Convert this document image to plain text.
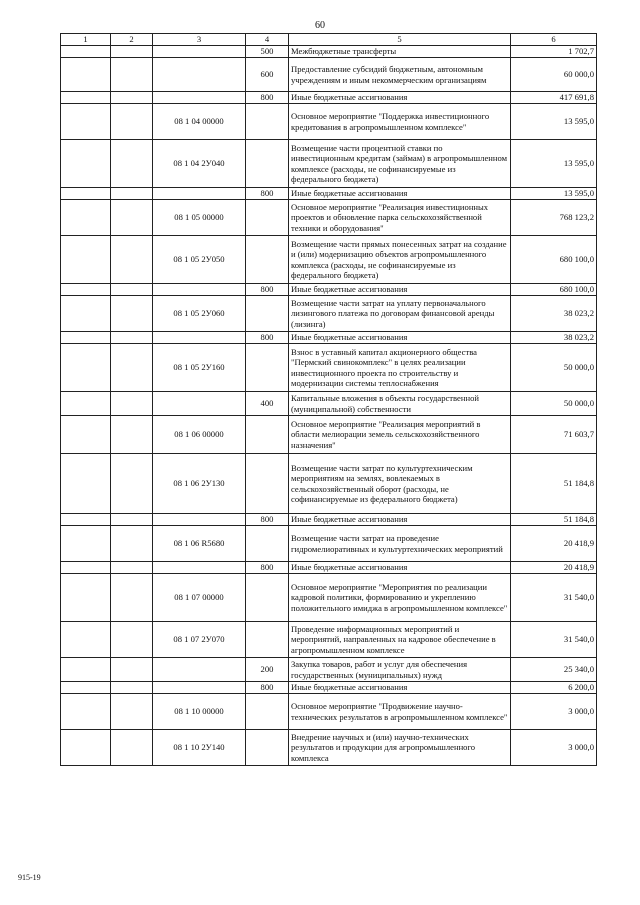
60
1	2	3	4	5	6
			500	Межбюджетные трансферты	1 702,7
			600	Предоставление субсидий бюджетным, автономным учреждениям и иным некоммерческим организациям	60 000,0
			800	Иные бюджетные ассигнования	417 691,8
		08 1 04 00000		Основное мероприятие "Поддержка инвестиционного кредитования в агропромышленном комплексе"	13 595,0
		08 1 04 2У040		Возмещение части процентной ставки по инвестиционным кредитам (займам) в агропромышленном комплексе (расходы, не софинансируемые из федерального бюджета)	13 595,0
			800	Иные бюджетные ассигнования	13 595,0
		08 1 05 00000		Основное мероприятие "Реализация инвестиционных проектов и обновление парка сельскохозяйственной техники и оборудования"	768 123,2
		08 1 05 2У050		Возмещение части прямых понесенных затрат на создание и (или) модернизацию объектов агропромышленного комплекса (расходы, не софинансируемые из федерального бюджета)	680 100,0
			800	Иные бюджетные ассигнования	680 100,0
		08 1 05 2У060		Возмещение части затрат на уплату первоначального лизингового платежа по договорам финансовой аренды (лизинга)	38 023,2
			800	Иные бюджетные ассигнования	38 023,2
		08 1 05 2У160		Взнос в уставный капитал акционерного общества "Пермский свинокомплекс" в целях реализации инвестиционного проекта по строительству и модернизации системы теплоснабжения	50 000,0
			400	Капитальные вложения в объекты государственной (муниципальной) собственности	50 000,0
		08 1 06 00000		Основное мероприятие "Реализация мероприятий в области мелиорации земель сельскохозяйственного назначения"	71 603,7
		08 1 06 2У130		Возмещение части затрат по культуртехническим мероприятиям на землях, вовлекаемых в сельскохозяйственный оборот (расходы, не софинансируемые из федерального бюджета)	51 184,8
			800	Иные бюджетные ассигнования	51 184,8
		08 1 06 R5680		Возмещение части затрат на проведение гидромелиоративных и культуртехнических мероприятий	20 418,9
			800	Иные бюджетные ассигнования	20 418,9
		08 1 07 00000		Основное мероприятие "Мероприятия по реализации кадровой политики, формированию и укреплению положительного имиджа в агропромышленном комплексе"	31 540,0
		08 1 07 2У070		Проведение информационных мероприятий и мероприятий, направленных на кадровое обеспечение в агропромышленном комплексе	31 540,0
			200	Закупка товаров, работ и услуг для обеспечения государственных (муниципальных) нужд	25 340,0
			800	Иные бюджетные ассигнования	6 200,0
		08 1 10 00000		Основное мероприятие "Продвижение научно-технических результатов в агропромышленном комплексе"	3 000,0
		08 1 10 2У140		Внедрение научных и (или) научно-технических результатов и продукции для агропромышленного комплекса	3 000,0
915-19
